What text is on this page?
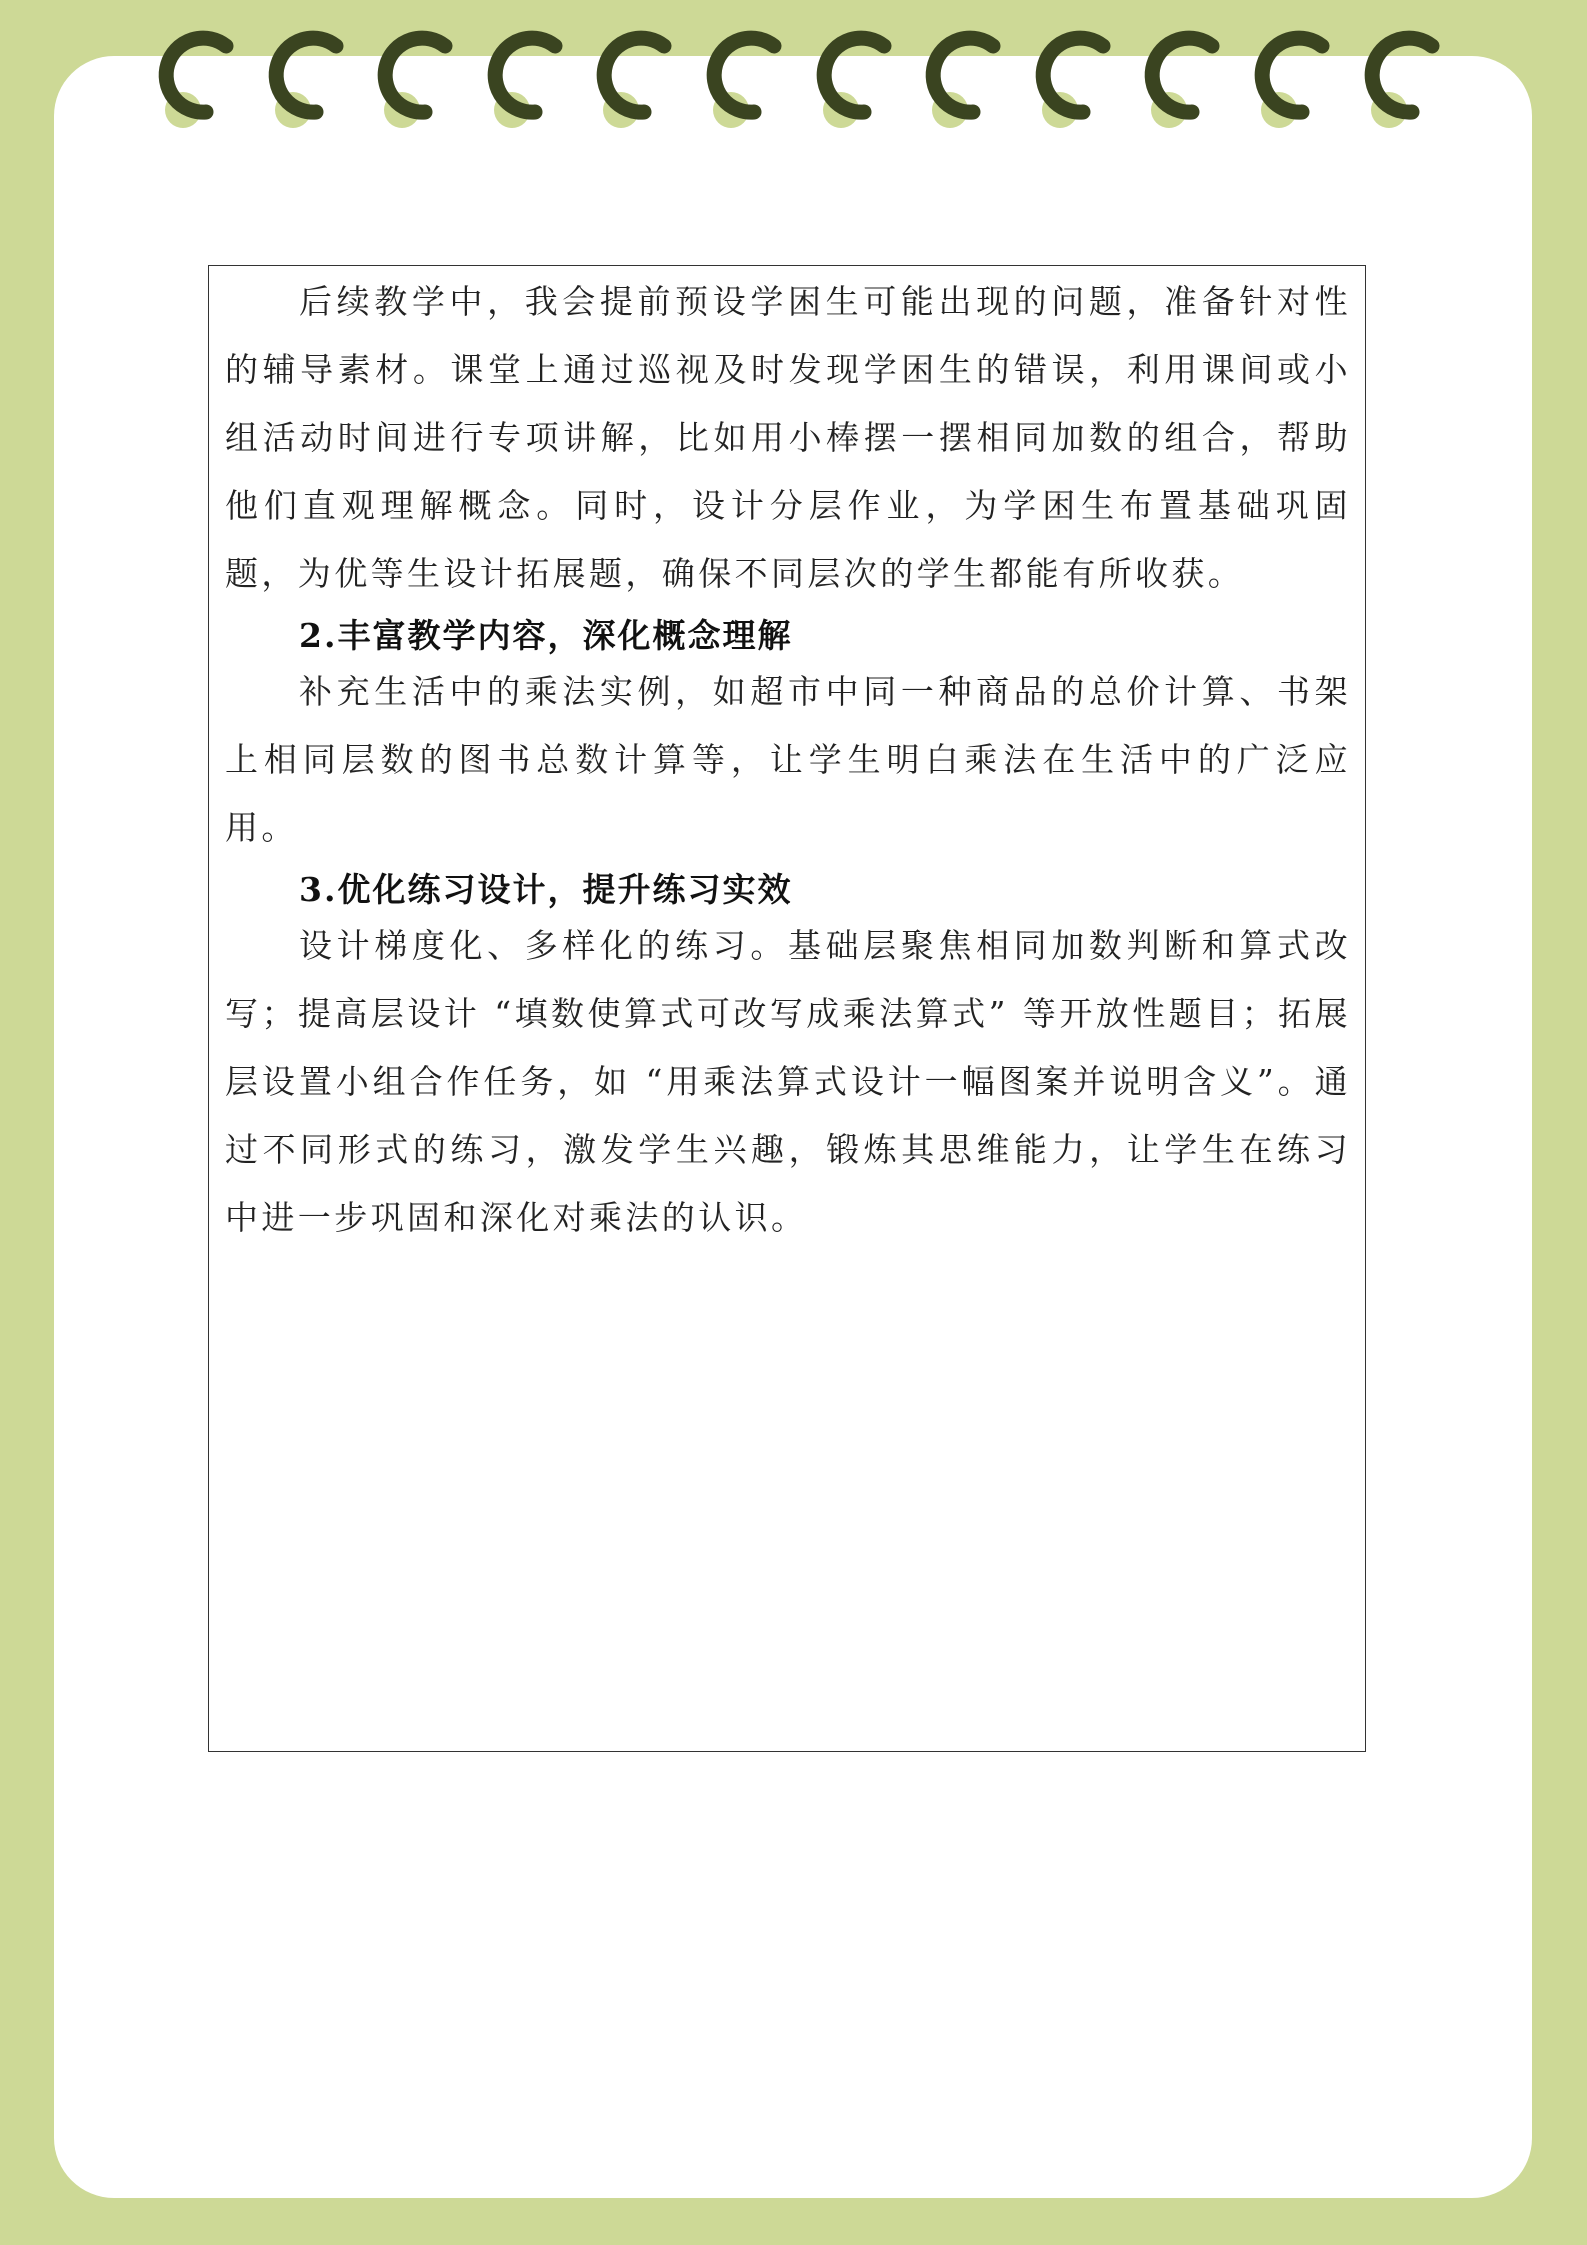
后续教学中，我会提前预设学困生可能出现的问题，准备针对性的辅导素材。课堂上通过巡视及时发现学困生的错误，利用课间或小组活动时间进行专项讲解，比如用小棒摆一摆相同加数的组合，帮助他们直观理解概念。同时，设计分层作业，为学困生布置基础巩固题，为优等生设计拓展题，确保不同层次的学生都能有所收获。

2.丰富教学内容，深化概念理解

补充生活中的乘法实例，如超市中同一种商品的总价计算、书架上相同层数的图书总数计算等，让学生明白乘法在生活中的广泛应用。

3.优化练习设计，提升练习实效

设计梯度化、多样化的练习。基础层聚焦相同加数判断和算式改写；提高层设计 “填数使算式可改写成乘法算式” 等开放性题目；拓展层设置小组合作任务，如 “用乘法算式设计一幅图案并说明含义”。通过不同形式的练习，激发学生兴趣，锻炼其思维能力，让学生在练习中进一步巩固和深化对乘法的认识。
